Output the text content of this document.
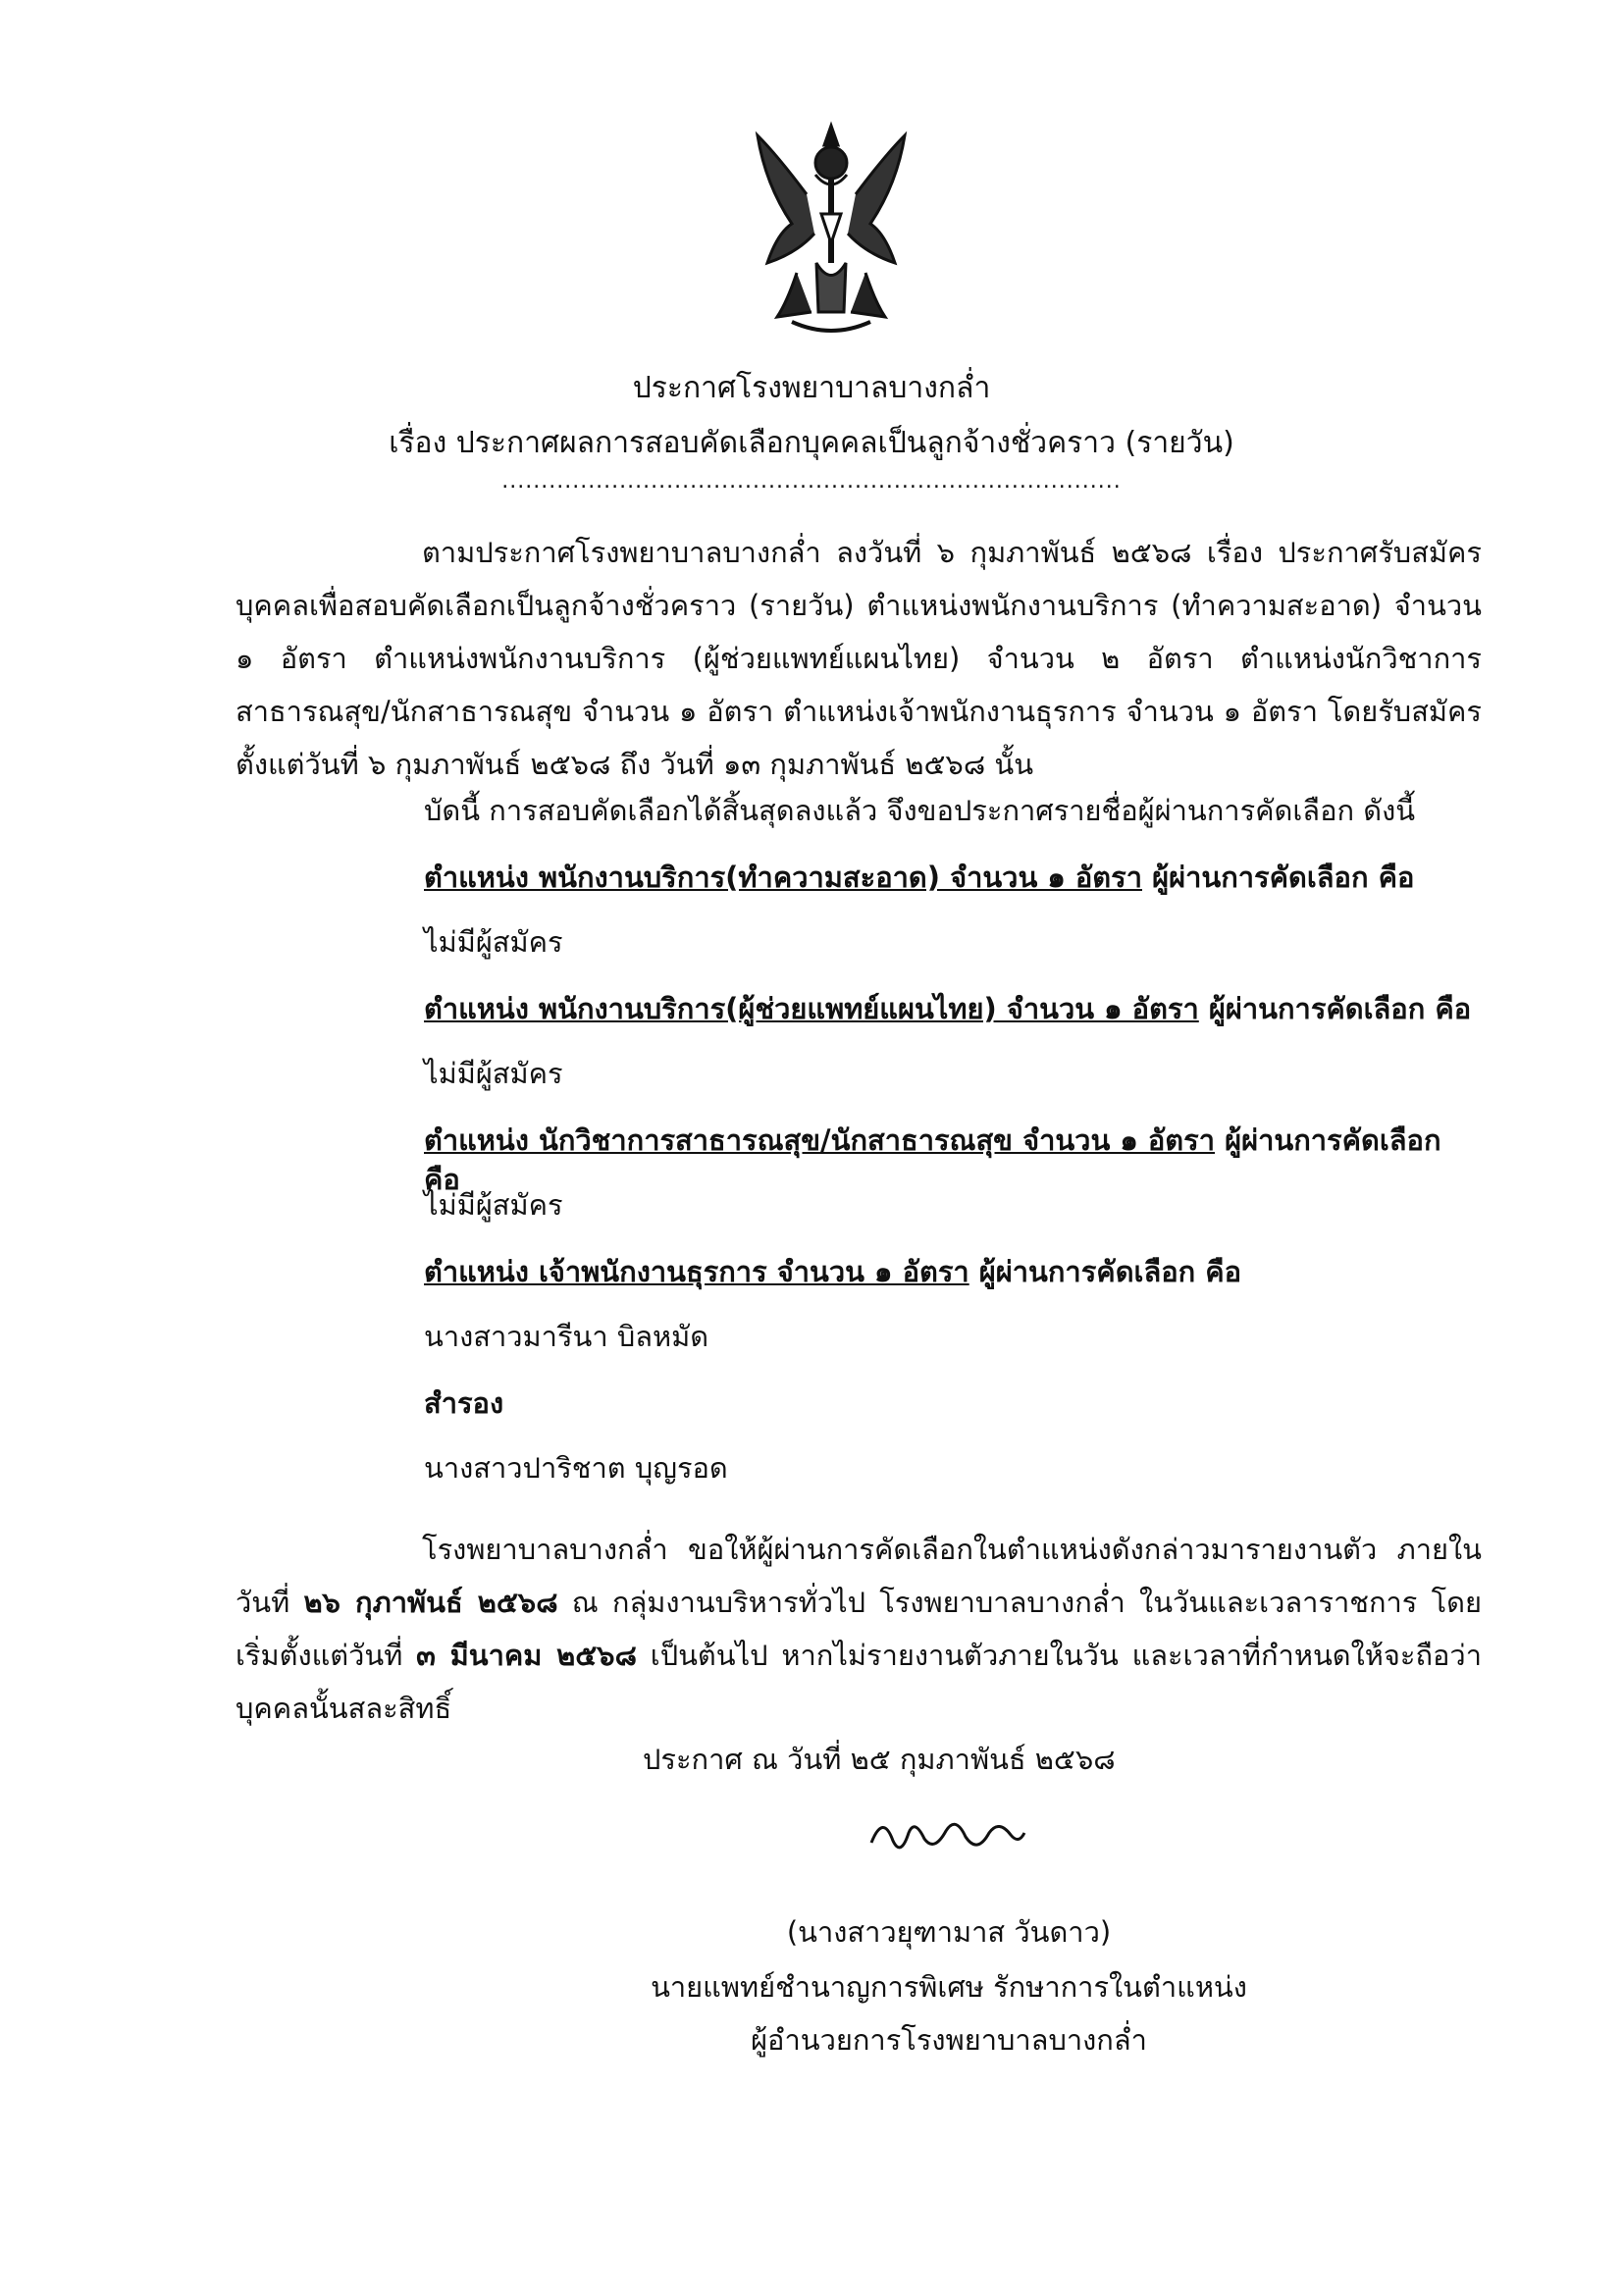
ประกาศโรงพยาบาลบางกล่ำ
เรื่อง ประกาศผลการสอบคัดเลือกบุคคลเป็นลูกจ้างชั่วคราว (รายวัน)
...............................................................................
ตามประกาศโรงพยาบาลบางกล่ำ ลงวันที่ ๖ กุมภาพันธ์ ๒๕๖๘ เรื่อง ประกาศรับสมัครบุคคลเพื่อสอบคัดเลือกเป็นลูกจ้างชั่วคราว (รายวัน) ตำแหน่งพนักงานบริการ (ทำความสะอาด) จำนวน ๑ อัตรา ตำแหน่งพนักงานบริการ (ผู้ช่วยแพทย์แผนไทย) จำนวน ๒ อัตรา ตำแหน่งนักวิชาการสาธารณสุข/นักสาธารณสุข จำนวน ๑ อัตรา ตำแหน่งเจ้าพนักงานธุรการ จำนวน ๑ อัตรา โดยรับสมัครตั้งแต่วันที่ ๖ กุมภาพันธ์ ๒๕๖๘ ถึง วันที่ ๑๓ กุมภาพันธ์ ๒๕๖๘ นั้น
บัดนี้ การสอบคัดเลือกได้สิ้นสุดลงแล้ว จึงขอประกาศรายชื่อผู้ผ่านการคัดเลือก ดังนี้
ตำแหน่ง พนักงานบริการ(ทำความสะอาด) จำนวน ๑ อัตรา ผู้ผ่านการคัดเลือก คือ
ไม่มีผู้สมัคร
ตำแหน่ง พนักงานบริการ(ผู้ช่วยแพทย์แผนไทย) จำนวน ๑ อัตรา ผู้ผ่านการคัดเลือก คือ
ไม่มีผู้สมัคร
ตำแหน่ง นักวิชาการสาธารณสุข/นักสาธารณสุข จำนวน ๑ อัตรา ผู้ผ่านการคัดเลือก คือ
ไม่มีผู้สมัคร
ตำแหน่ง เจ้าพนักงานธุรการ จำนวน ๑ อัตรา ผู้ผ่านการคัดเลือก คือ
นางสาวมารีนา บิลหมัด
สำรอง
นางสาวปาริชาต บุญรอด
โรงพยาบาลบางกล่ำ ขอให้ผู้ผ่านการคัดเลือกในตำแหน่งดังกล่าวมารายงานตัว ภายในวันที่ ๒๖ กุภาพันธ์ ๒๕๖๘ ณ กลุ่มงานบริหารทั่วไป โรงพยาบาลบางกล่ำ ในวันและเวลาราชการ โดยเริ่มตั้งแต่วันที่ ๓ มีนาคม ๒๕๖๘ เป็นต้นไป หากไม่รายงานตัวภายในวัน และเวลาที่กำหนดให้จะถือว่าบุคคลนั้นสละสิทธิ์
ประกาศ ณ วันที่ ๒๕ กุมภาพันธ์ ๒๕๖๘
(นางสาวยุฑามาส วันดาว)
นายแพทย์ชำนาญการพิเศษ รักษาการในตำแหน่ง
ผู้อำนวยการโรงพยาบาลบางกล่ำ
